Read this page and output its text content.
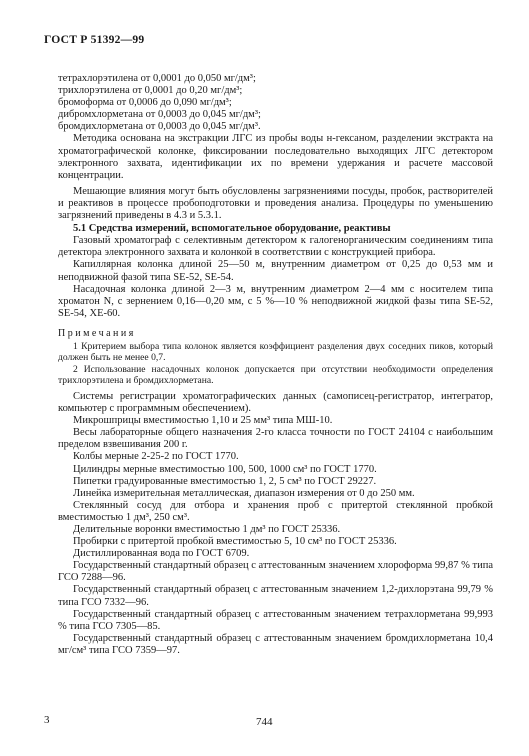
ГОСТ Р 51392—99

тетрахлорэтилена от 0,0001 до 0,050 мг/дм³;

трихлорэтилена от 0,0001 до 0,20 мг/дм³;

бромоформа от 0,0006 до 0,090 мг/дм³;

дибромхлорметана от 0,0003 до 0,045 мг/дм³;

бромдихлорметана от 0,0003 до 0,045 мг/дм³.

Методика основана на экстракции ЛГС из пробы воды н-гексаном, разделении экстракта на хроматографической колонке, фиксировании последовательно выходящих ЛГС детектором электронного захвата, идентификации их по времени удержания и расчете массовой концентрации.

Мешающие влияния могут быть обусловлены загрязнениями посуды, пробок, растворителей и реактивов в процессе пробоподготовки и проведения анализа. Процедуры по уменьшению загрязнений приведены в 4.3 и 5.3.1.

5.1 Средства измерений, вспомогательное оборудование, реактивы

Газовый хроматограф с селективным детектором к галогенорганическим соединениям типа детектора электронного захвата и колонкой в соответствии с конструкцией прибора.

Капиллярная колонка длиной 25—50 м, внутренним диаметром от 0,25 до 0,53 мм и неподвижной фазой типа SE-52, SE-54.

Насадочная колонка длиной 2—3 м, внутренним диаметром 2—4 мм с носителем типа хроматон N, с зернением 0,16—0,20 мм, с 5 %—10 % неподвижной жидкой фазы типа SE-52, SE-54, XE-60.

Примечания

1 Критерием выбора типа колонок является коэффициент разделения двух соседних пиков, который должен быть не менее 0,7.

2 Использование насадочных колонок допускается при отсутствии необходимости определения трихлорэтилена и бромдихлорметана.

Системы регистрации хроматографических данных (самописец-регистратор, интегратор, компьютер с программным обеспечением).

Микрошприцы вместимостью 1,10 и 25 мм³ типа МШ-10.

Весы лабораторные общего назначения 2-го класса точности по ГОСТ 24104 с наибольшим пределом взвешивания 200 г.

Колбы мерные 2-25-2 по ГОСТ 1770.

Цилиндры мерные вместимостью 100, 500, 1000 см³ по ГОСТ 1770.

Пипетки градуированные вместимостью 1, 2, 5 см³ по ГОСТ 29227.

Линейка измерительная металлическая, диапазон измерения от 0 до 250 мм.

Стеклянный сосуд для отбора и хранения проб с притертой стеклянной пробкой вместимостью 1 дм³, 250 см³.

Делительные воронки вместимостью 1 дм³ по ГОСТ 25336.

Пробирки с притертой пробкой вместимостью 5, 10 см³ по ГОСТ 25336.

Дистиллированная вода по ГОСТ 6709.

Государственный стандартный образец с аттестованным значением хлороформа 99,87 % типа ГСО 7288—96.

Государственный стандартный образец с аттестованным значением 1,2-дихлорэтана 99,79 % типа ГСО 7332—96.

Государственный стандартный образец с аттестованным значением тетрахлорметана 99,993 % типа ГСО 7305—85.

Государственный стандартный образец с аттестованным значением бромдихлорметана 10,4 мг/см³ типа ГСО 7359—97.

3	744
